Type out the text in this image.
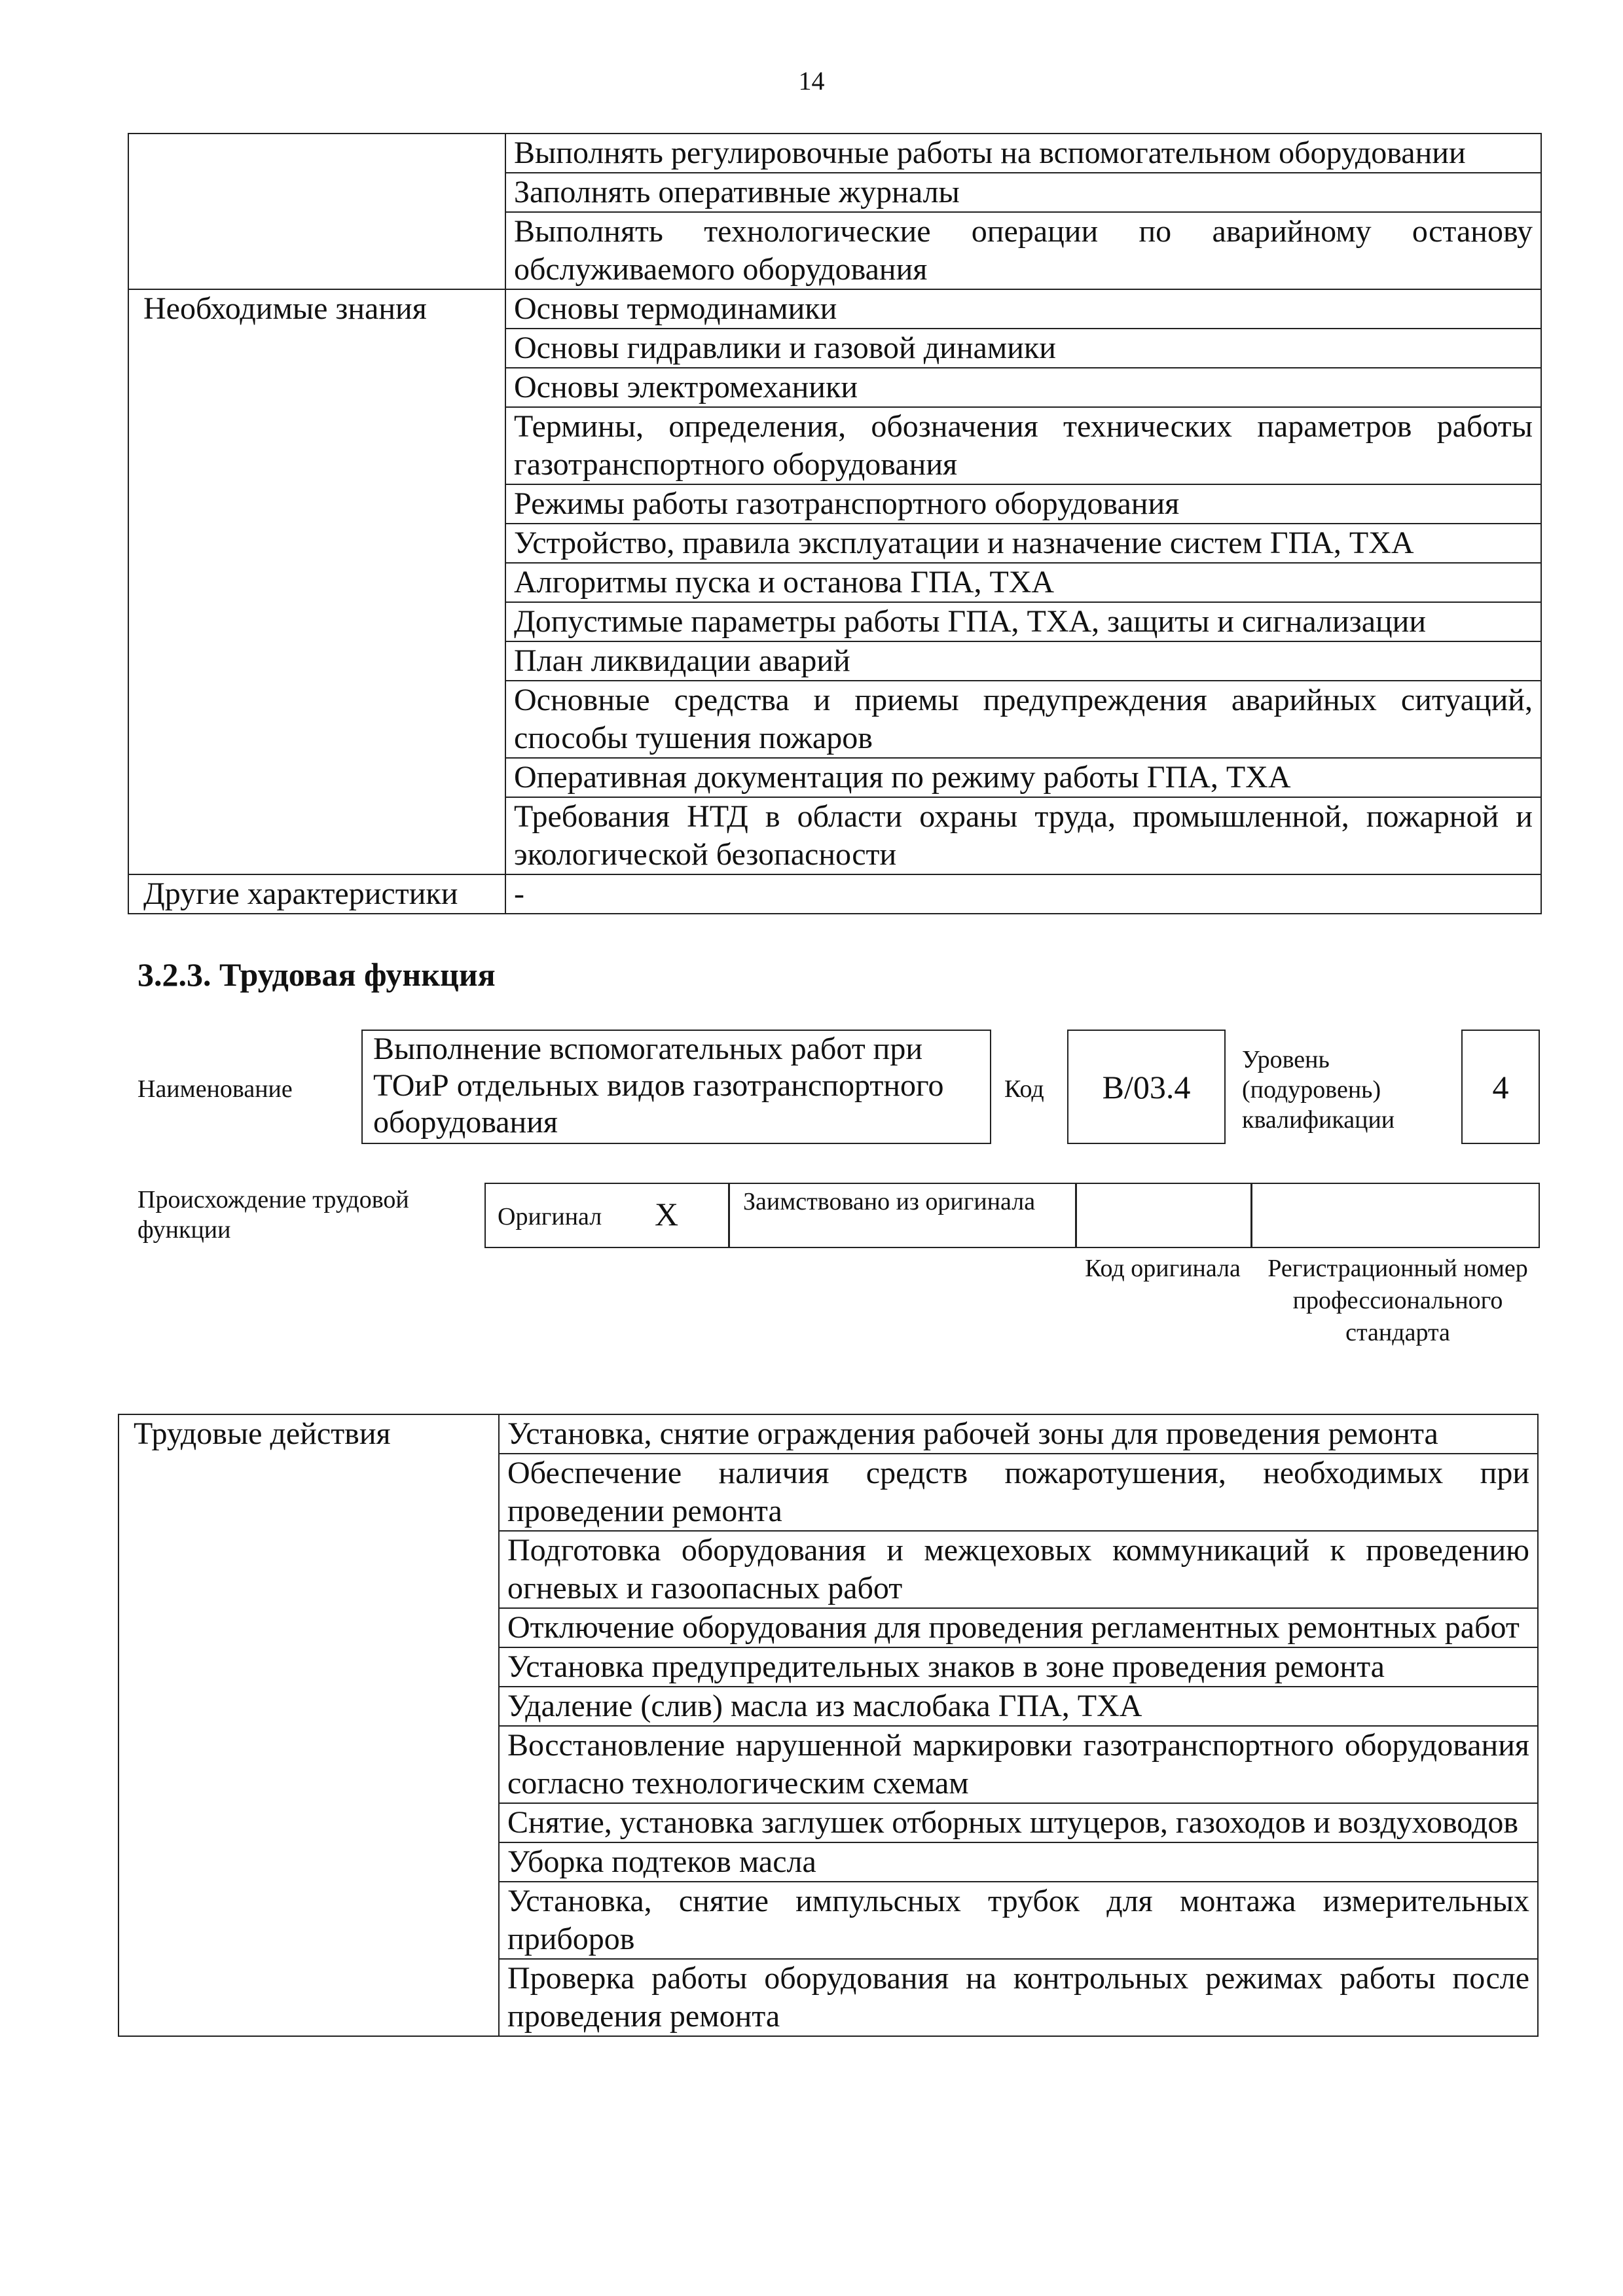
14
	Выполнять регулировочные работы на вспомогательном оборудовании
	Заполнять оперативные журналы
	Выполнять технологические операции по аварийному останову обслуживаемого оборудования
Необходимые знания	Основы термодинамики
	Основы гидравлики и газовой динамики
	Основы электромеханики
	Термины, определения, обозначения технических параметров работы газотранспортного оборудования
	Режимы работы газотранспортного оборудования
	Устройство, правила эксплуатации и назначение систем ГПА, ТХА
	Алгоритмы пуска и останова ГПА, ТХА
	Допустимые параметры работы ГПА, ТХА, защиты и сигнализации
	План ликвидации аварий
	Основные средства и приемы предупреждения аварийных ситуаций, способы тушения пожаров
	Оперативная документация по режиму работы ГПА, ТХА
	Требования НТД в области охраны труда, промышленной, пожарной и экологической безопасности
Другие характеристики	-
3.2.3. Трудовая функция
Наименование
Выполнение вспомогательных работ при ТОиР отдельных видов газотранспортного оборудования
Код В/03.4
Уровень (подуровень) квалификации
4
Происхождение трудовой функции	Оригинал X	Заимствовано из оригинала
Код оригинала	Регистрационный номер профессионального стандарта
Трудовые действия	Установка, снятие ограждения рабочей зоны для проведения ремонта
Обеспечение наличия средств пожаротушения, необходимых при проведении ремонта
Подготовка оборудования и межцеховых коммуникаций к проведению огневых и газоопасных работ
Отключение оборудования для проведения регламентных ремонтных работ
Установка предупредительных знаков в зоне проведения ремонта
Удаление (слив) масла из маслобака ГПА, ТХА
Восстановление нарушенной маркировки газотранспортного оборудования согласно технологическим схемам
Снятие, установка заглушек отборных штуцеров, газоходов и воздуховодов
Уборка подтеков масла
Установка, снятие импульсных трубок для монтажа измерительных приборов
Проверка работы оборудования на контрольных режимах работы после проведения ремонта
